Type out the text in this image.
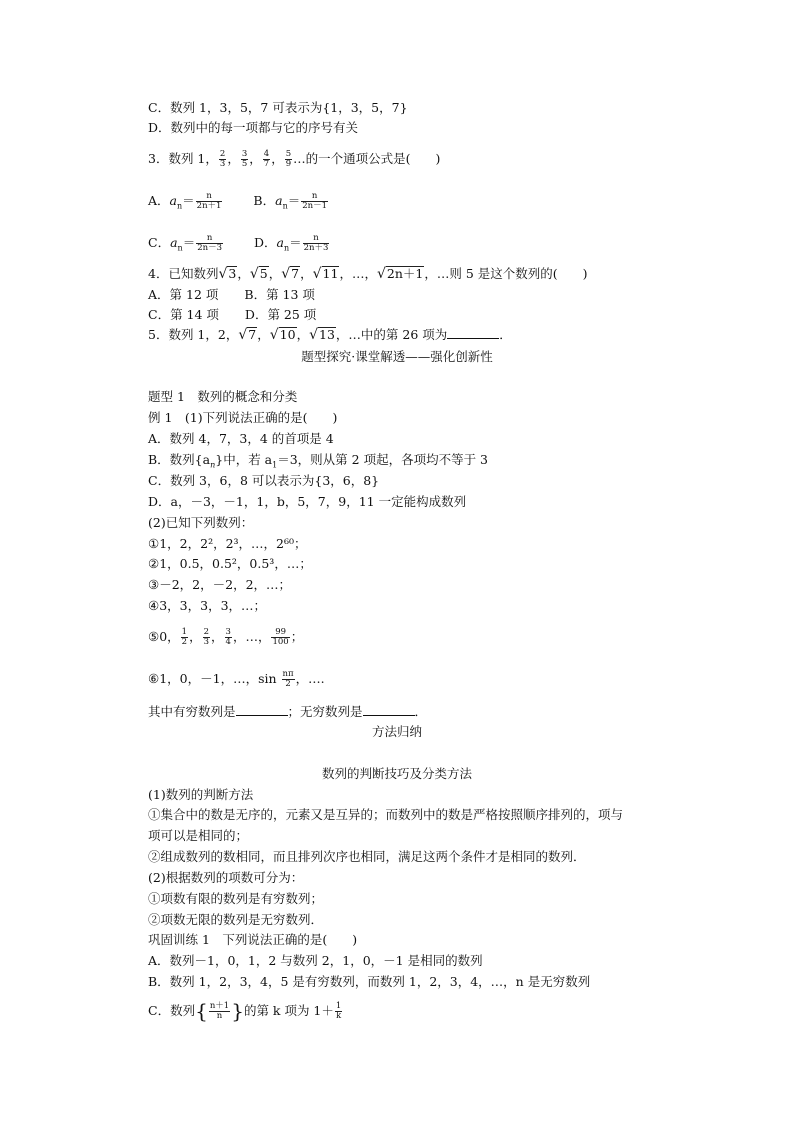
C．数列 1，3，5，7 可表示为{1，3，5，7}
D．数列中的每一项都与它的序号有关
3．数列 1， $\frac{2}{3}$ ， $\frac{3}{5}$ ， $\frac{4}{7}$ ， $\frac{5}{9}$ …的一个通项公式是(　　)
A．$a_n= \frac{n}{2n+1}$ B．$a_n= \frac{n}{2n-1}$
C．$a_n= \frac{n}{2n-3}$ D．$a_n= \frac{n}{2n+3}$
4．已知数列√3，√5，√7，√11，…，√2n＋1，…则 5 是这个数列的(　　)
A．第 12 项 B．第 13 项
C．第 14 项 D．第 25 项
5．数列 1，2，√7，√10，√13，…中的第 26 项为	．
题型探究·课堂解透——强化创新性
题型 1　数列的概念和分类
例 1　(1)下列说法正确的是(　　)
A．数列 4，7，3，4 的首项是 4
B．数列$\{a_n\}$中，若 $a_1=3$，则从第 2 项起，各项均不等于 3
C．数列 3，6，8 可以表示为{3，6，8}
D．a，－3，－1，1，b，5，7，9，11 一定能构成数列
(2)已知下列数列：
①1，2，2²，2³，…，2⁶⁰；
②1，0.5，0.5²，0.5³，…；
③－2，2，－2，2，…；
④3，3，3，3，…；
⑤0， $\frac{1}{2}$ ， $\frac{2}{3}$ ， $\frac{3}{4}$ ，…， $\frac{99}{100}$ ；
⑥1，0，－1，…，$\sin \frac{n\pi}{2}$ ，….
其中有穷数列是	；无穷数列是	．
方法归纳
数列的判断技巧及分类方法
(1)数列的判断方法
①集合中的数是无序的，元素又是互异的；而数列中的数是严格按照顺序排列的，项与
项可以是相同的；
②组成数列的数相同，而且排列次序也相同，满足这两个条件才是相同的数列．
(2)根据数列的项数可分为：
①项数有限的数列是有穷数列；
②项数无限的数列是无穷数列．
巩固训练 1　下列说法正确的是(　　)
A．数列－1，0，1，2 与数列 2，1，0，－1 是相同的数列
B．数列 1，2，3，4，5 是有穷数列，而数列 1，2，3，4，…，n 是无穷数列
C．数列{ $\frac{n+1}{n}$ }的第 k 项为 $1+ \frac{1}{k}$
